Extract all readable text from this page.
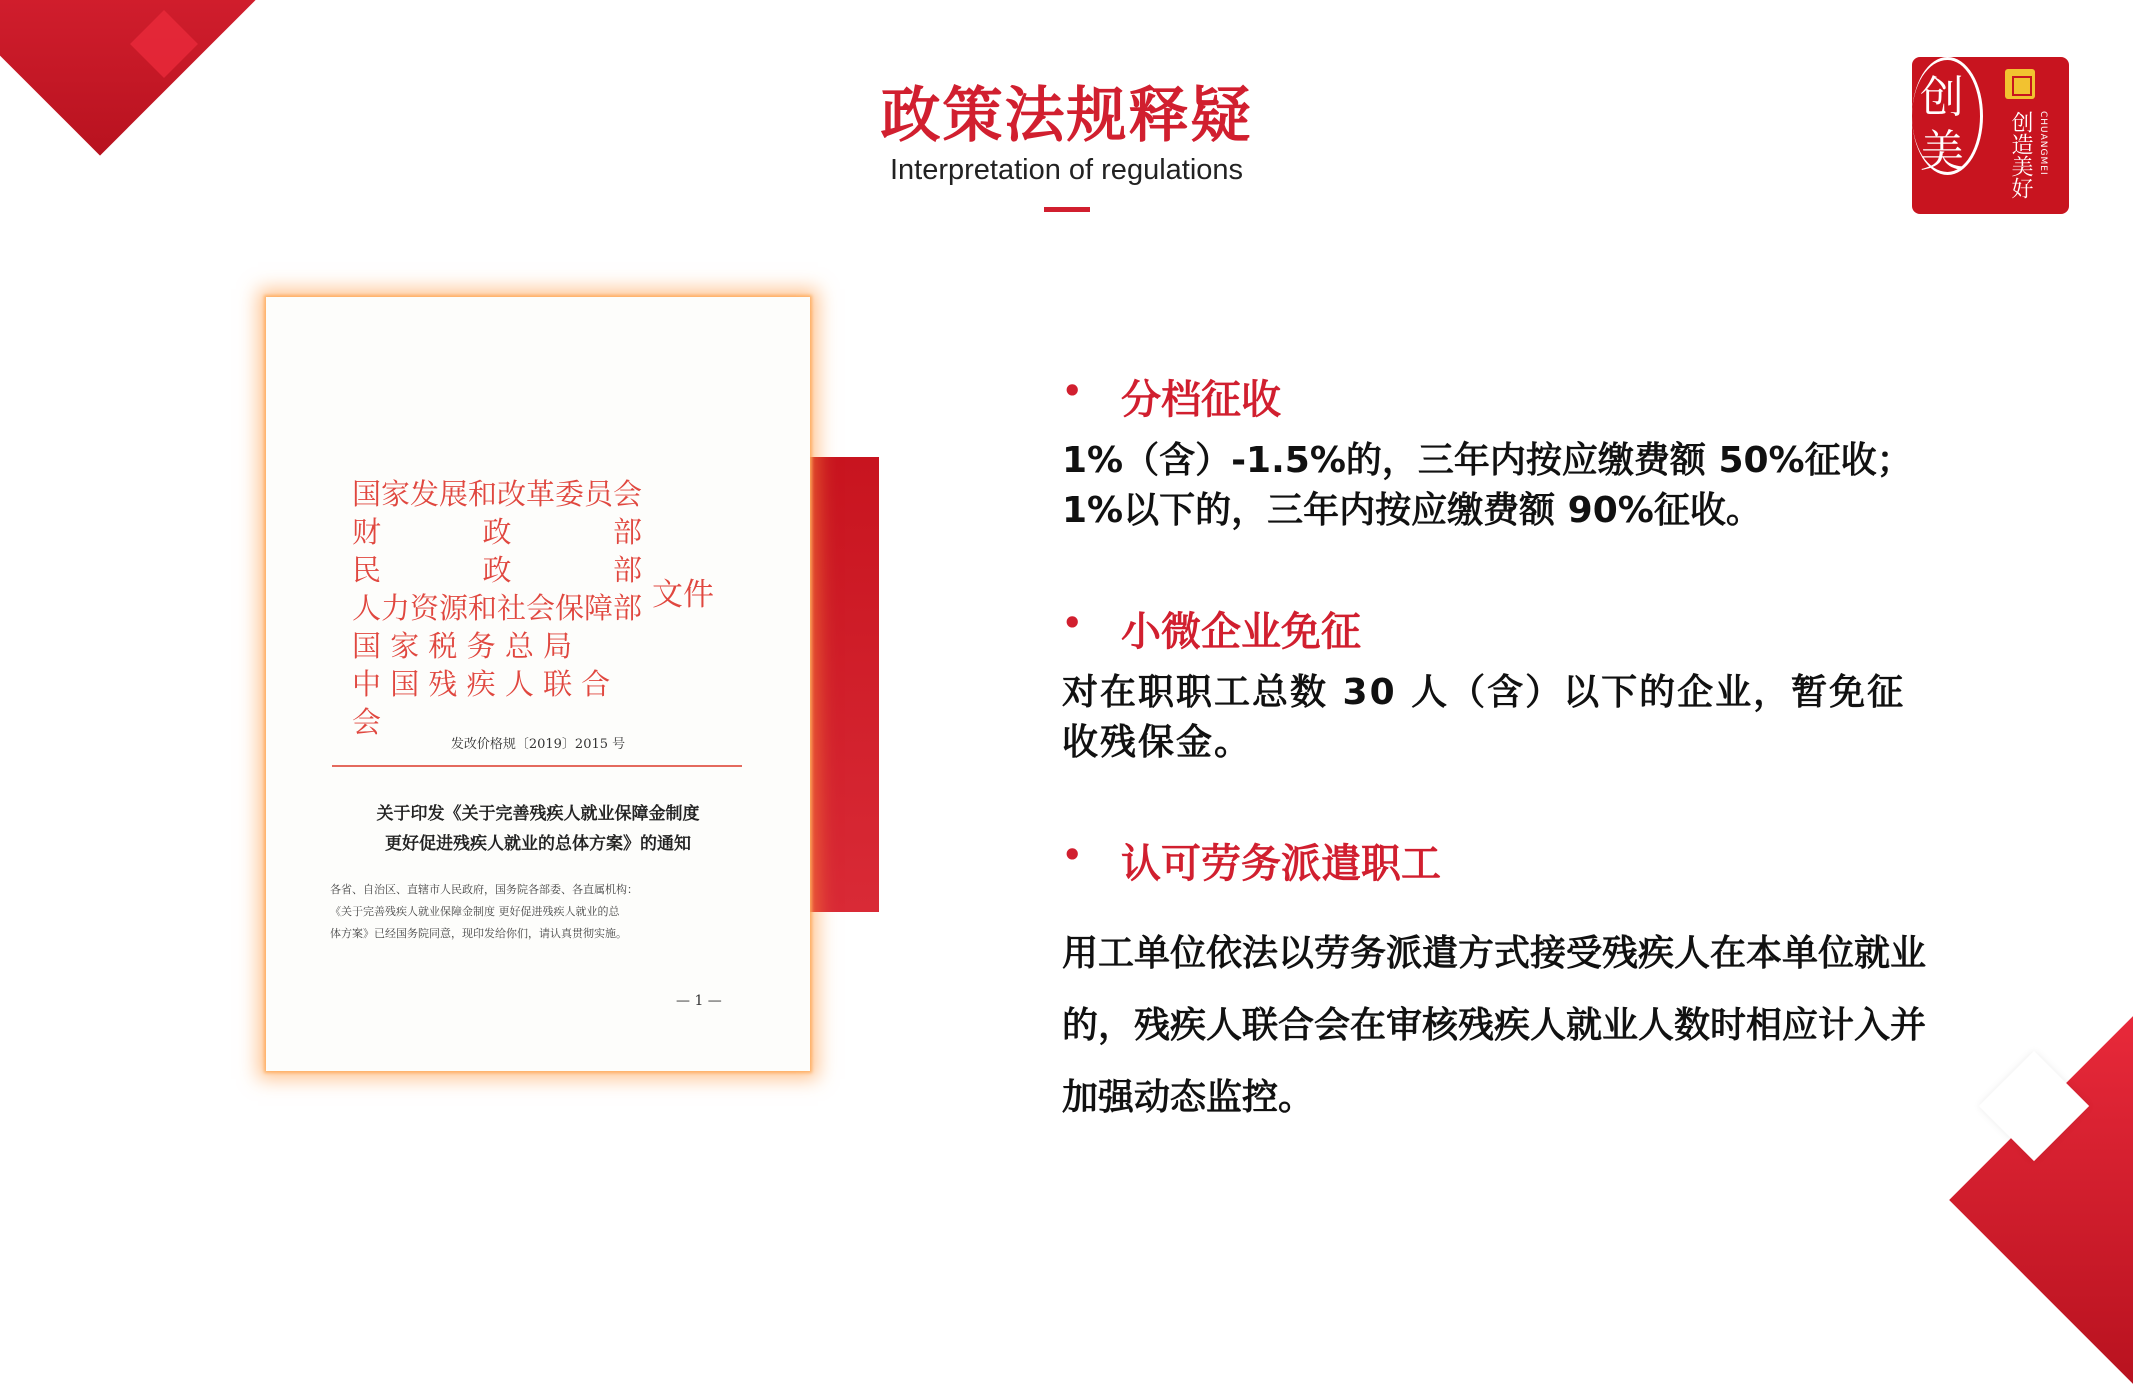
政策法规释疑
Interpretation of regulations
创
美 创造美好 CHUANGMEI
国家发展和改革委员会
财	政	部
民	政	部
人力资源和社会保障部
国 家 税 务 总 局
中 国 残 疾 人 联 合 会
文件
发改价格规〔2019〕2015 号
关于印发《关于完善残疾人就业保障金制度
更好促进残疾人就业的总体方案》的通知
各省、自治区、直辖市人民政府，国务院各部委、各直属机构：
《关于完善残疾人就业保障金制度 更好促进残疾人就业的总
体方案》已经国务院同意，现印发给你们，请认真贯彻实施。
— 1 —
• 分档征收
1%（含）-1.5%的，三年内按应缴费额 50%征收；
1%以下的，三年内按应缴费额 90%征收。
• 小微企业免征
对在职职工总数 30 人（含）以下的企业，暂免征
收残保金。
• 认可劳务派遣职工
用工单位依法以劳务派遣方式接受残疾人在本单位就业
的，残疾人联合会在审核残疾人就业人数时相应计入并
加强动态监控。
